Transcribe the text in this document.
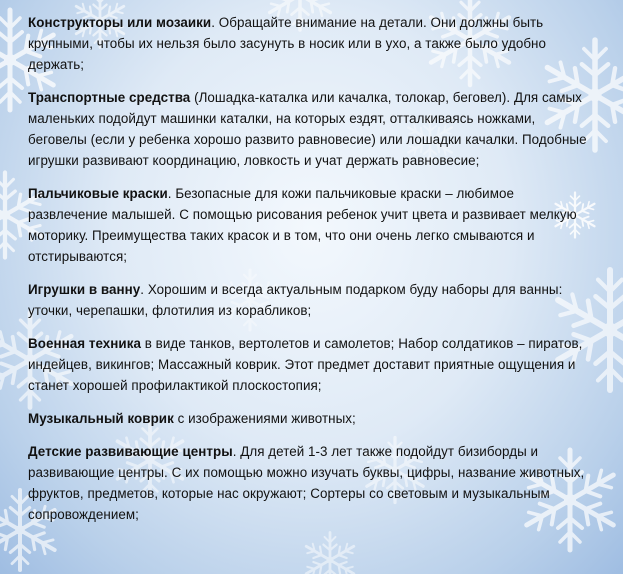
Конструкторы или мозаики. Обращайте внимание на детали. Они должны быть крупными, чтобы их нельзя было засунуть в носик или в ухо, а также было удобно держать;

Транспортные средства (Лошадка-каталка или качалка, толокар, беговел). Для самых маленьких подойдут машинки каталки, на которых ездят, отталкиваясь ножками, беговелы (если у ребенка хорошо развито равновесие) или лошадки качалки. Подобные игрушки развивают координацию, ловкость и учат держать равновесие;

Пальчиковые краски. Безопасные для кожи пальчиковые краски – любимое развлечение малышей. С помощью рисования ребенок учит цвета и развивает мелкую моторику. Преимущества таких красок и в том, что они очень легко смываются и отстирываются;

Игрушки в ванну. Хорошим и всегда актуальным подарком буду наборы для ванны: уточки, черепашки, флотилия из корабликов;

Военная техника в виде танков, вертолетов и самолетов; Набор солдатиков – пиратов, индейцев, викингов; Массажный коврик. Этот предмет доставит приятные ощущения и станет хорошей профилактикой плоскостопия;

Музыкальный коврик с изображениями животных;

Детские развивающие центры. Для детей 1-3 лет также подойдут бизиборды и развивающие центры. С их помощью можно изучать буквы, цифры, название животных, фруктов, предметов, которые нас окружают; Сортеры со световым и музыкальным сопровождением;
